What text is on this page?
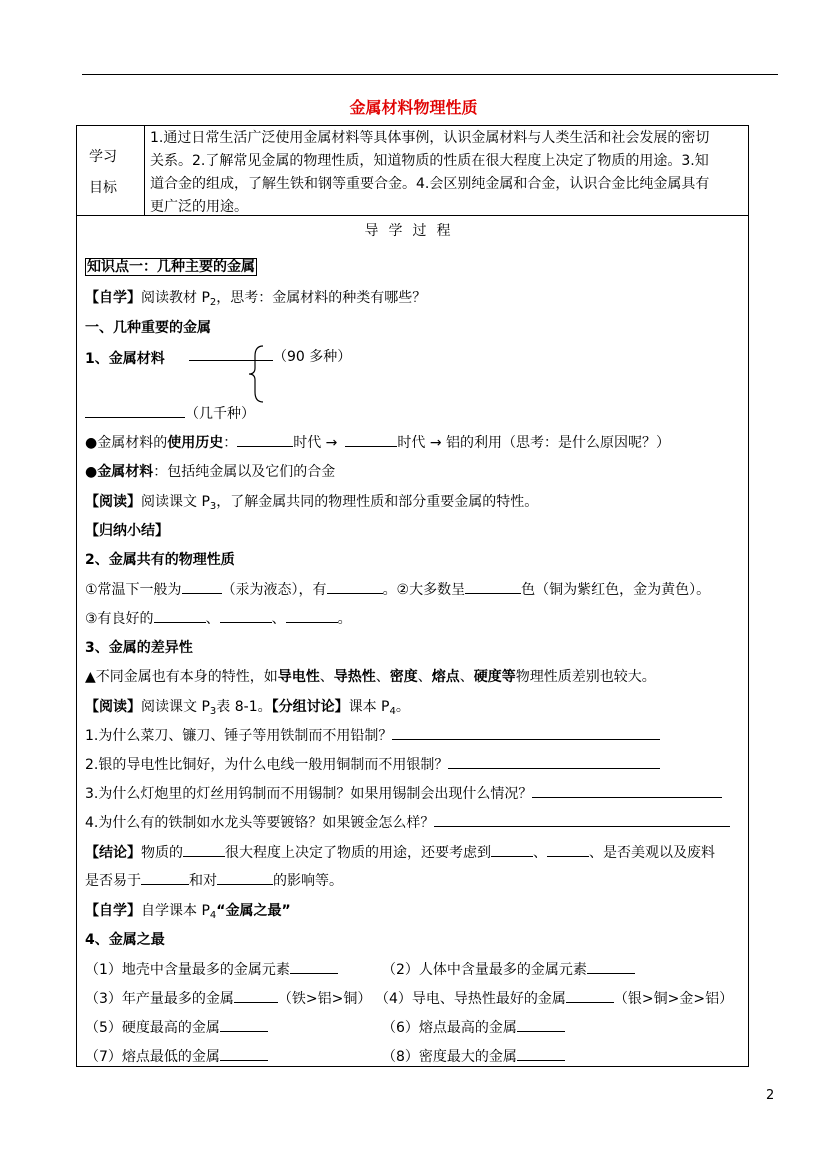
金属材料物理性质
学习
目标
1.通过日常生活广泛使用金属材料等具体事例，认识金属材料与人类生活和社会发展的密切
关系。2.了解常见金属的物理性质，知道物质的性质在很大程度上决定了物质的用途。3.知
道合金的组成，了解生铁和钢等重要合金。4.会区别纯金属和合金，认识合金比纯金属具有
更广泛的用途。
导学过程
知识点一：几种主要的金属
【自学】阅读教材 $P_2$，思考：金属材料的种类有哪些？
一、几种重要的金属
1、金属材料	（90 多种）
（几千种）
●金属材料的使用历史：	时代 →	时代 → 铝的利用（思考：是什么原因呢？）
●金属材料：包括纯金属以及它们的合金
【阅读】阅读课文 $P_3$，了解金属共同的物理性质和部分重要金属的特性。
【归纳小结】
2、金属共有的物理性质
①常温下一般为	（汞为液态），有	。②大多数呈	色（铜为紫红色，金为黄色）。
③有良好的	、	、	。
3、金属的差异性
▲不同金属也有本身的特性，如导电性、导热性、密度、熔点、硬度等物理性质差别也较大。
【阅读】阅读课文 $P_3$表 8-1。【分组讨论】课本 $P_4$。
1.为什么菜刀、镰刀、锤子等用铁制而不用铅制？
2.银的导电性比铜好，为什么电线一般用铜制而不用银制？
3.为什么灯炮里的灯丝用钨制而不用锡制？如果用锡制会出现什么情况？
4.为什么有的铁制如水龙头等要镀铬？如果镀金怎么样？
【结论】物质的	很大程度上决定了物质的用途，还要考虑到	、	、是否美观以及废料
是否易于	和对	的影响等。
【自学】自学课本 $P_4“$金属之最”
4、金属之最
（1）地壳中含量最多的金属元素	（2）人体中含量最多的金属元素
（3）年产量最多的金属	（铁>铝>铜） （4）导电、导热性最好的金属	（银>铜>金>铝）
（5）硬度最高的金属	（6）熔点最高的金属
（7）熔点最低的金属	（8）密度最大的金属
2
